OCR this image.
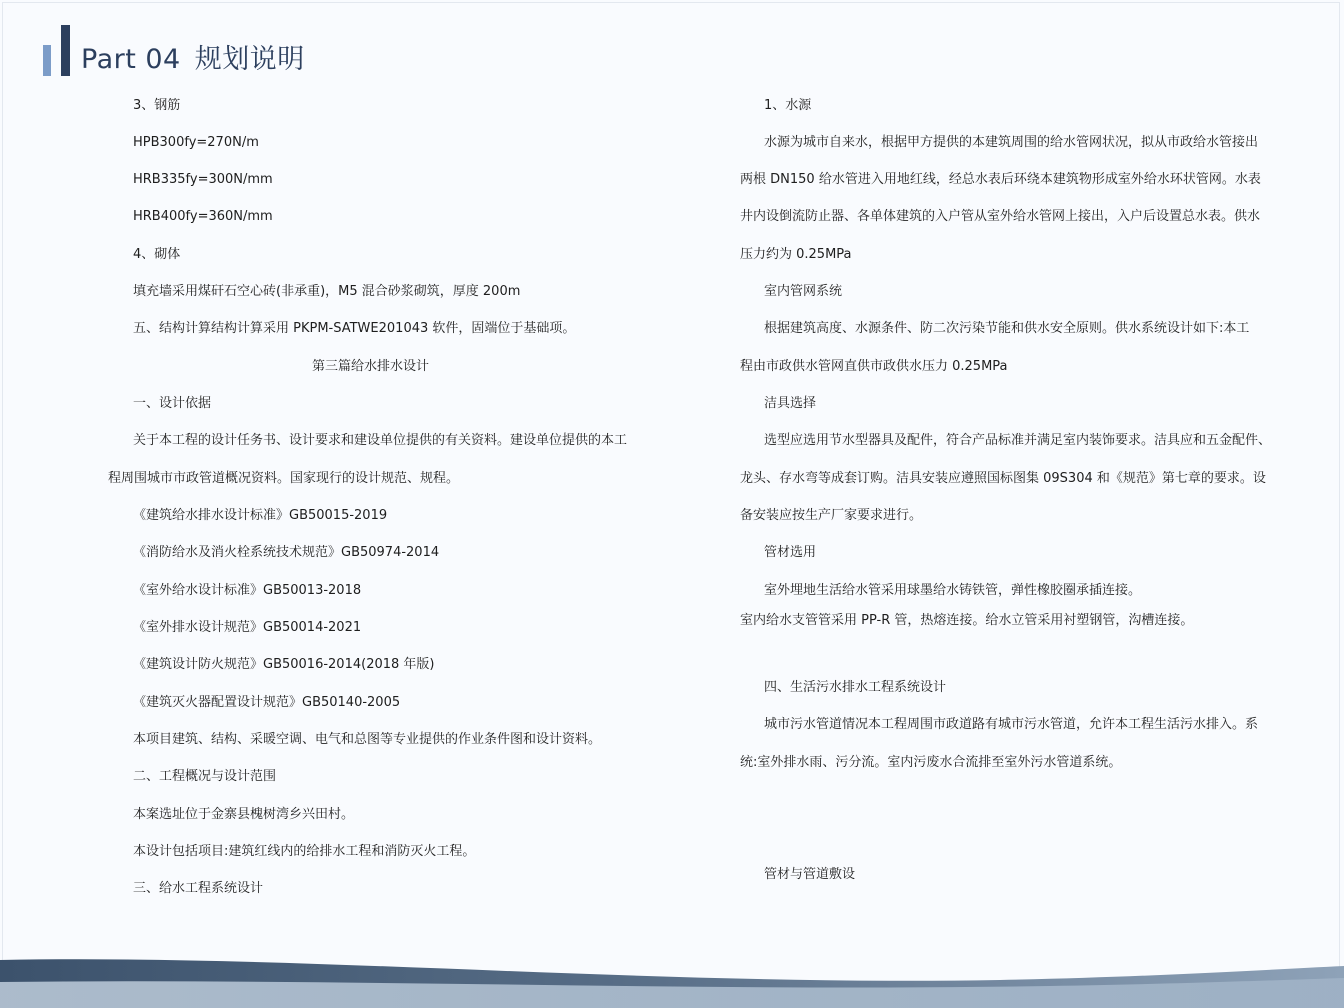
Part 04 规划说明
3、钢筋
HPB300fy=270N/m
HRB335fy=300N/mm
HRB400fy=360N/mm
4、砌体
填充墙采用煤矸石空心砖(非承重)，M5 混合砂浆砌筑，厚度 200m
五、结构计算结构计算采用 PKPM-SATWE201043 软件，固端位于基础项。
第三篇给水排水设计
一、设计依据
关于本工程的设计任务书、设计要求和建设单位提供的有关资料。建设单位提供的本工
程周围城市市政管道概况资料。国家现行的设计规范、规程。
《建筑给水排水设计标准》GB50015-2019
《消防给水及消火栓系统技术规范》GB50974-2014
《室外给水设计标准》GB50013-2018
《室外排水设计规范》GB50014-2021
《建筑设计防火规范》GB50016-2014(2018 年版)
《建筑灭火器配置设计规范》GB50140-2005
本项目建筑、结构、采暖空调、电气和总图等专业提供的作业条件图和设计资料。
二、工程概况与设计范围
本案选址位于金寨县槐树湾乡兴田村。
本设计包括项目:建筑红线内的给排水工程和消防灭火工程。
三、给水工程系统设计
1、水源
水源为城市自来水，根据甲方提供的本建筑周围的给水管网状况，拟从市政给水管接出
两根 DN150 给水管进入用地红线，经总水表后环绕本建筑物形成室外给水环状管网。水表
井内设倒流防止器、各单体建筑的入户管从室外给水管网上接出，入户后设置总水表。供水
压力约为 0.25MPa
室内管网系统
根据建筑高度、水源条件、防二次污染节能和供水安全原则。供水系统设计如下:本工
程由市政供水管网直供市政供水压力 0.25MPa
洁具选择
选型应选用节水型器具及配件，符合产品标准并满足室内装饰要求。洁具应和五金配件、
龙头、存水弯等成套订购。洁具安装应遵照国标图集 09S304 和《规范》第七章的要求。设
备安装应按生产厂家要求进行。
管材选用
室外埋地生活给水管采用球墨给水铸铁管，弹性橡胶圈承插连接。
室内给水支管管采用 PP-R 管，热熔连接。给水立管采用衬塑钢管，沟槽连接。
四、生活污水排水工程系统设计
城市污水管道情况本工程周围市政道路有城市污水管道，允许本工程生活污水排入。系
统:室外排水雨、污分流。室内污废水合流排至室外污水管道系统。
管材与管道敷设
